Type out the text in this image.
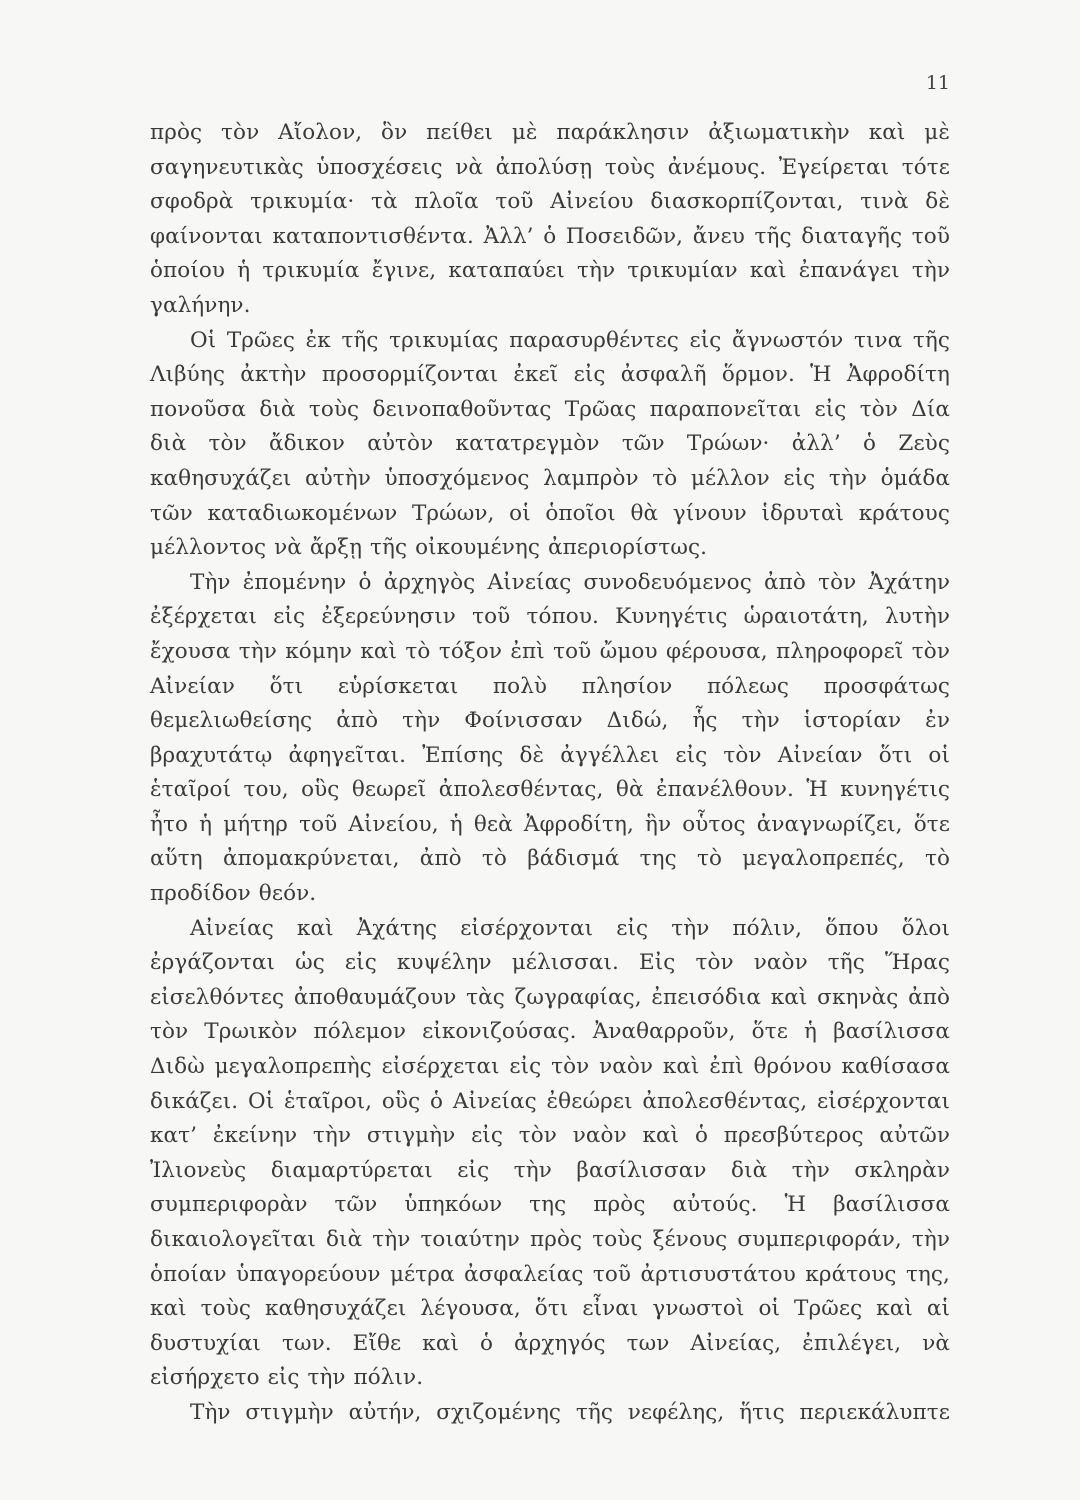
11

πρὸς τὸν Αἴολον, ὃν πείθει μὲ παράκλησιν ἀξιωματικὴν καὶ μὲ σαγηνευτικὰς ὑποσχέσεις νὰ ἀπολύσῃ τοὺς ἀνέμους. Ἐγείρεται τότε σφοδρὰ τρικυμία· τὰ πλοῖα τοῦ Αἰνείου διασκορπίζονται, τινὰ δὲ φαίνονται καταποντισθέντα. Ἀλλ’ ὁ Ποσειδῶν, ἄνευ τῆς διαταγῆς τοῦ ὁποίου ἡ τρικυμία ἔγινε, καταπαύει τὴν τρικυμίαν καὶ ἐπανάγει τὴν γαλήνην.

Οἱ Τρῶες ἐκ τῆς τρικυμίας παρασυρθέντες εἰς ἄγνωστόν τινα τῆς Λιβύης ἀκτὴν προσορμίζονται ἐκεῖ εἰς ἀσφαλῆ ὅρμον. Ἡ Ἀφροδίτη πονοῦσα διὰ τοὺς δεινοπαθοῦντας Τρῶας παραπονεῖται εἰς τὸν Δία διὰ τὸν ἄδικον αὐτὸν κατατρεγμὸν τῶν Τρώων· ἀλλ’ ὁ Ζεὺς καθησυχάζει αὐτὴν ὑποσχόμενος λαμπρὸν τὸ μέλλον εἰς τὴν ὁμάδα τῶν καταδιωκομένων Τρώων, οἱ ὁποῖοι θὰ γίνουν ἱδρυταὶ κράτους μέλλοντος νὰ ἄρξῃ τῆς οἰκουμένης ἀπεριορίστως.

Τὴν ἐπομένην ὁ ἀρχηγὸς Αἰνείας συνοδευόμενος ἀπὸ τὸν Ἀχάτην ἐξέρχεται εἰς ἐξερεύνησιν τοῦ τόπου. Κυνηγέτις ὡραιοτάτη, λυτὴν ἔχουσα τὴν κόμην καὶ τὸ τόξον ἐπὶ τοῦ ὤμου φέρουσα, πληροφορεῖ τὸν Αἰνείαν ὅτι εὑρίσκεται πολὺ πλησίον πόλεως προσφάτως θεμελιωθείσης ἀπὸ τὴν Φοίνισσαν Διδώ, ἧς τὴν ἱστορίαν ἐν βραχυτάτῳ ἀφηγεῖται. Ἐπίσης δὲ ἀγγέλλει εἰς τὸν Αἰνείαν ὅτι οἱ ἑταῖροί του, οὓς θεωρεῖ ἀπολεσθέντας, θὰ ἐπανέλθουν. Ἡ κυνηγέτις ἦτο ἡ μήτηρ τοῦ Αἰνείου, ἡ θεὰ Ἀφροδίτη, ἣν οὗτος ἀναγνωρίζει, ὅτε αὕτη ἀπομακρύνεται, ἀπὸ τὸ βάδισμά της τὸ μεγαλοπρεπές, τὸ προδίδον θεόν.

Αἰνείας καὶ Ἀχάτης εἰσέρχονται εἰς τὴν πόλιν, ὅπου ὅλοι ἐργάζονται ὡς εἰς κυψέλην μέλισσαι. Εἰς τὸν ναὸν τῆς Ἥρας εἰσελθόντες ἀποθαυμάζουν τὰς ζωγραφίας, ἐπεισόδια καὶ σκηνὰς ἀπὸ τὸν Τρωικὸν πόλεμον εἰκονιζούσας. Ἀναθαρροῦν, ὅτε ἡ βασίλισσα Διδὼ μεγαλοπρεπὴς εἰσέρχεται εἰς τὸν ναὸν καὶ ἐπὶ θρόνου καθίσασα δικάζει. Οἱ ἑταῖροι, οὓς ὁ Αἰνείας ἐθεώρει ἀπολεσθέντας, εἰσέρχονται κατ’ ἐκείνην τὴν στιγμὴν εἰς τὸν ναὸν καὶ ὁ πρεσβύτερος αὐτῶν Ἰλιονεὺς διαμαρτύρεται εἰς τὴν βασίλισσαν διὰ τὴν σκληρὰν συμπεριφορὰν τῶν ὑπηκόων της πρὸς αὐτούς. Ἡ βασίλισσα δικαιολογεῖται διὰ τὴν τοιαύτην πρὸς τοὺς ξένους συμπεριφοράν, τὴν ὁποίαν ὑπαγορεύουν μέτρα ἀσφαλείας τοῦ ἀρτισυστάτου κράτους της, καὶ τοὺς καθησυχάζει λέγουσα, ὅτι εἶναι γνωστοὶ οἱ Τρῶες καὶ αἱ δυστυχίαι των. Εἴθε καὶ ὁ ἀρχηγός των Αἰνείας, ἐπιλέγει, νὰ εἰσήρχετο εἰς τὴν πόλιν.

Τὴν στιγμὴν αὐτήν, σχιζομένης τῆς νεφέλης, ἥτις περιεκάλυπτε
